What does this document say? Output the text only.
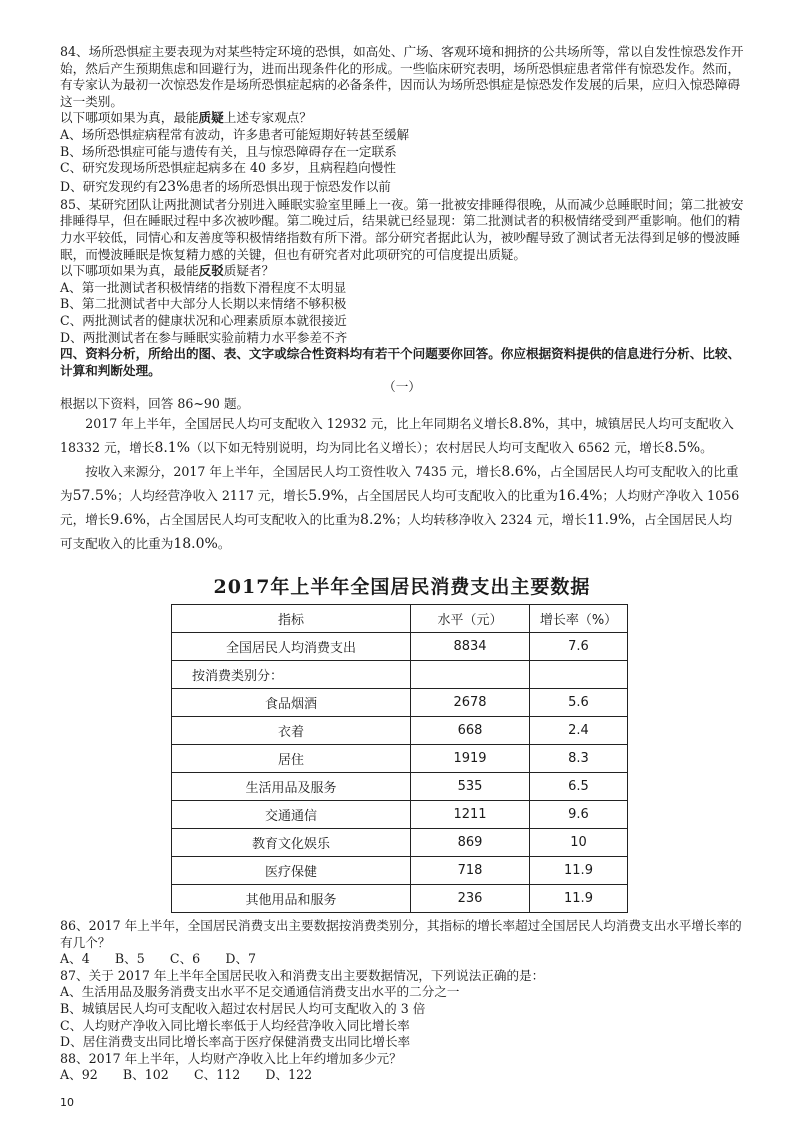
84、场所恐惧症主要表现为对某些特定环境的恐惧，如高处、广场、客观环境和拥挤的公共场所等，常以自发性惊恐发作开始，然后产生预期焦虑和回避行为，进而出现条件化的形成。一些临床研究表明，场所恐惧症患者常伴有惊恐发作。然而，有专家认为最初一次惊恐发作是场所恐惧症起病的必备条件，因而认为场所恐惧症是惊恐发作发展的后果，应归入惊恐障碍这一类别。

以下哪项如果为真，最能质疑上述专家观点？

A、场所恐惧症病程常有波动，许多患者可能短期好转甚至缓解

B、场所恐惧症可能与遗传有关，且与惊恐障碍存在一定联系

C、研究发现场所恐惧症起病多在 40 多岁，且病程趋向慢性

D、研究发现约有23%患者的场所恐惧出现于惊恐发作以前

85、某研究团队让两批测试者分别进入睡眠实验室里睡上一夜。第一批被安排睡得很晚，从而减少总睡眠时间；第二批被安排睡得早，但在睡眠过程中多次被吵醒。第二晚过后，结果就已经显现：第二批测试者的积极情绪受到严重影响。他们的精力水平较低，同情心和友善度等积极情绪指数有所下滑。部分研究者据此认为，被吵醒导致了测试者无法得到足够的慢波睡眠，而慢波睡眠是恢复精力感的关键，但也有研究者对此项研究的可信度提出质疑。

以下哪项如果为真，最能反驳质疑者？

A、第一批测试者积极情绪的指数下滑程度不太明显

B、第二批测试者中大部分人长期以来情绪不够积极

C、两批测试者的健康状况和心理素质原本就很接近

D、两批测试者在参与睡眠实验前精力水平参差不齐

四、资料分析，所给出的图、表、文字或综合性资料均有若干个问题要你回答。你应根据资料提供的信息进行分析、比较、计算和判断处理。

（一）

根据以下资料，回答 86~90 题。

2017 年上半年，全国居民人均可支配收入 12932 元，比上年同期名义增长8.8%，其中，城镇居民人均可支配收入 18332 元，增长8.1%（以下如无特别说明，均为同比名义增长）；农村居民人均可支配收入 6562 元，增长8.5%。

按收入来源分，2017 年上半年，全国居民人均工资性收入 7435 元，增长8.6%，占全国居民人均可支配收入的比重为57.5%；人均经营净收入 2117 元，增长5.9%，占全国居民人均可支配收入的比重为16.4%；人均财产净收入 1056 元，增长9.6%，占全国居民人均可支配收入的比重为8.2%；人均转移净收入 2324 元，增长11.9%，占全国居民人均可支配收入的比重为18.0%。

2017年上半年全国居民消费支出主要数据
指标	水平（元）	增长率（%）
全国居民人均消费支出	8834	7.6
按消费类别分：		
食品烟酒	2678	5.6
衣着	668	2.4
居住	1919	8.3
生活用品及服务	535	6.5
交通通信	1211	9.6
教育文化娱乐	869	10
医疗保健	718	11.9
其他用品和服务	236	11.9

86、2017 年上半年，全国居民消费支出主要数据按消费类别分，其指标的增长率超过全国居民人均消费支出水平增长率的有几个？

A、4　　B、5　　C、6　　D、7

87、关于 2017 年上半年全国居民收入和消费支出主要数据情况，下列说法正确的是：

A、生活用品及服务消费支出水平不足交通通信消费支出水平的二分之一

B、城镇居民人均可支配收入超过农村居民人均可支配收入的 3 倍

C、人均财产净收入同比增长率低于人均经营净收入同比增长率

D、居住消费支出同比增长率高于医疗保健消费支出同比增长率

88、2017 年上半年，人均财产净收入比上年约增加多少元？

A、92　　B、102　　C、112　　D、122

10
